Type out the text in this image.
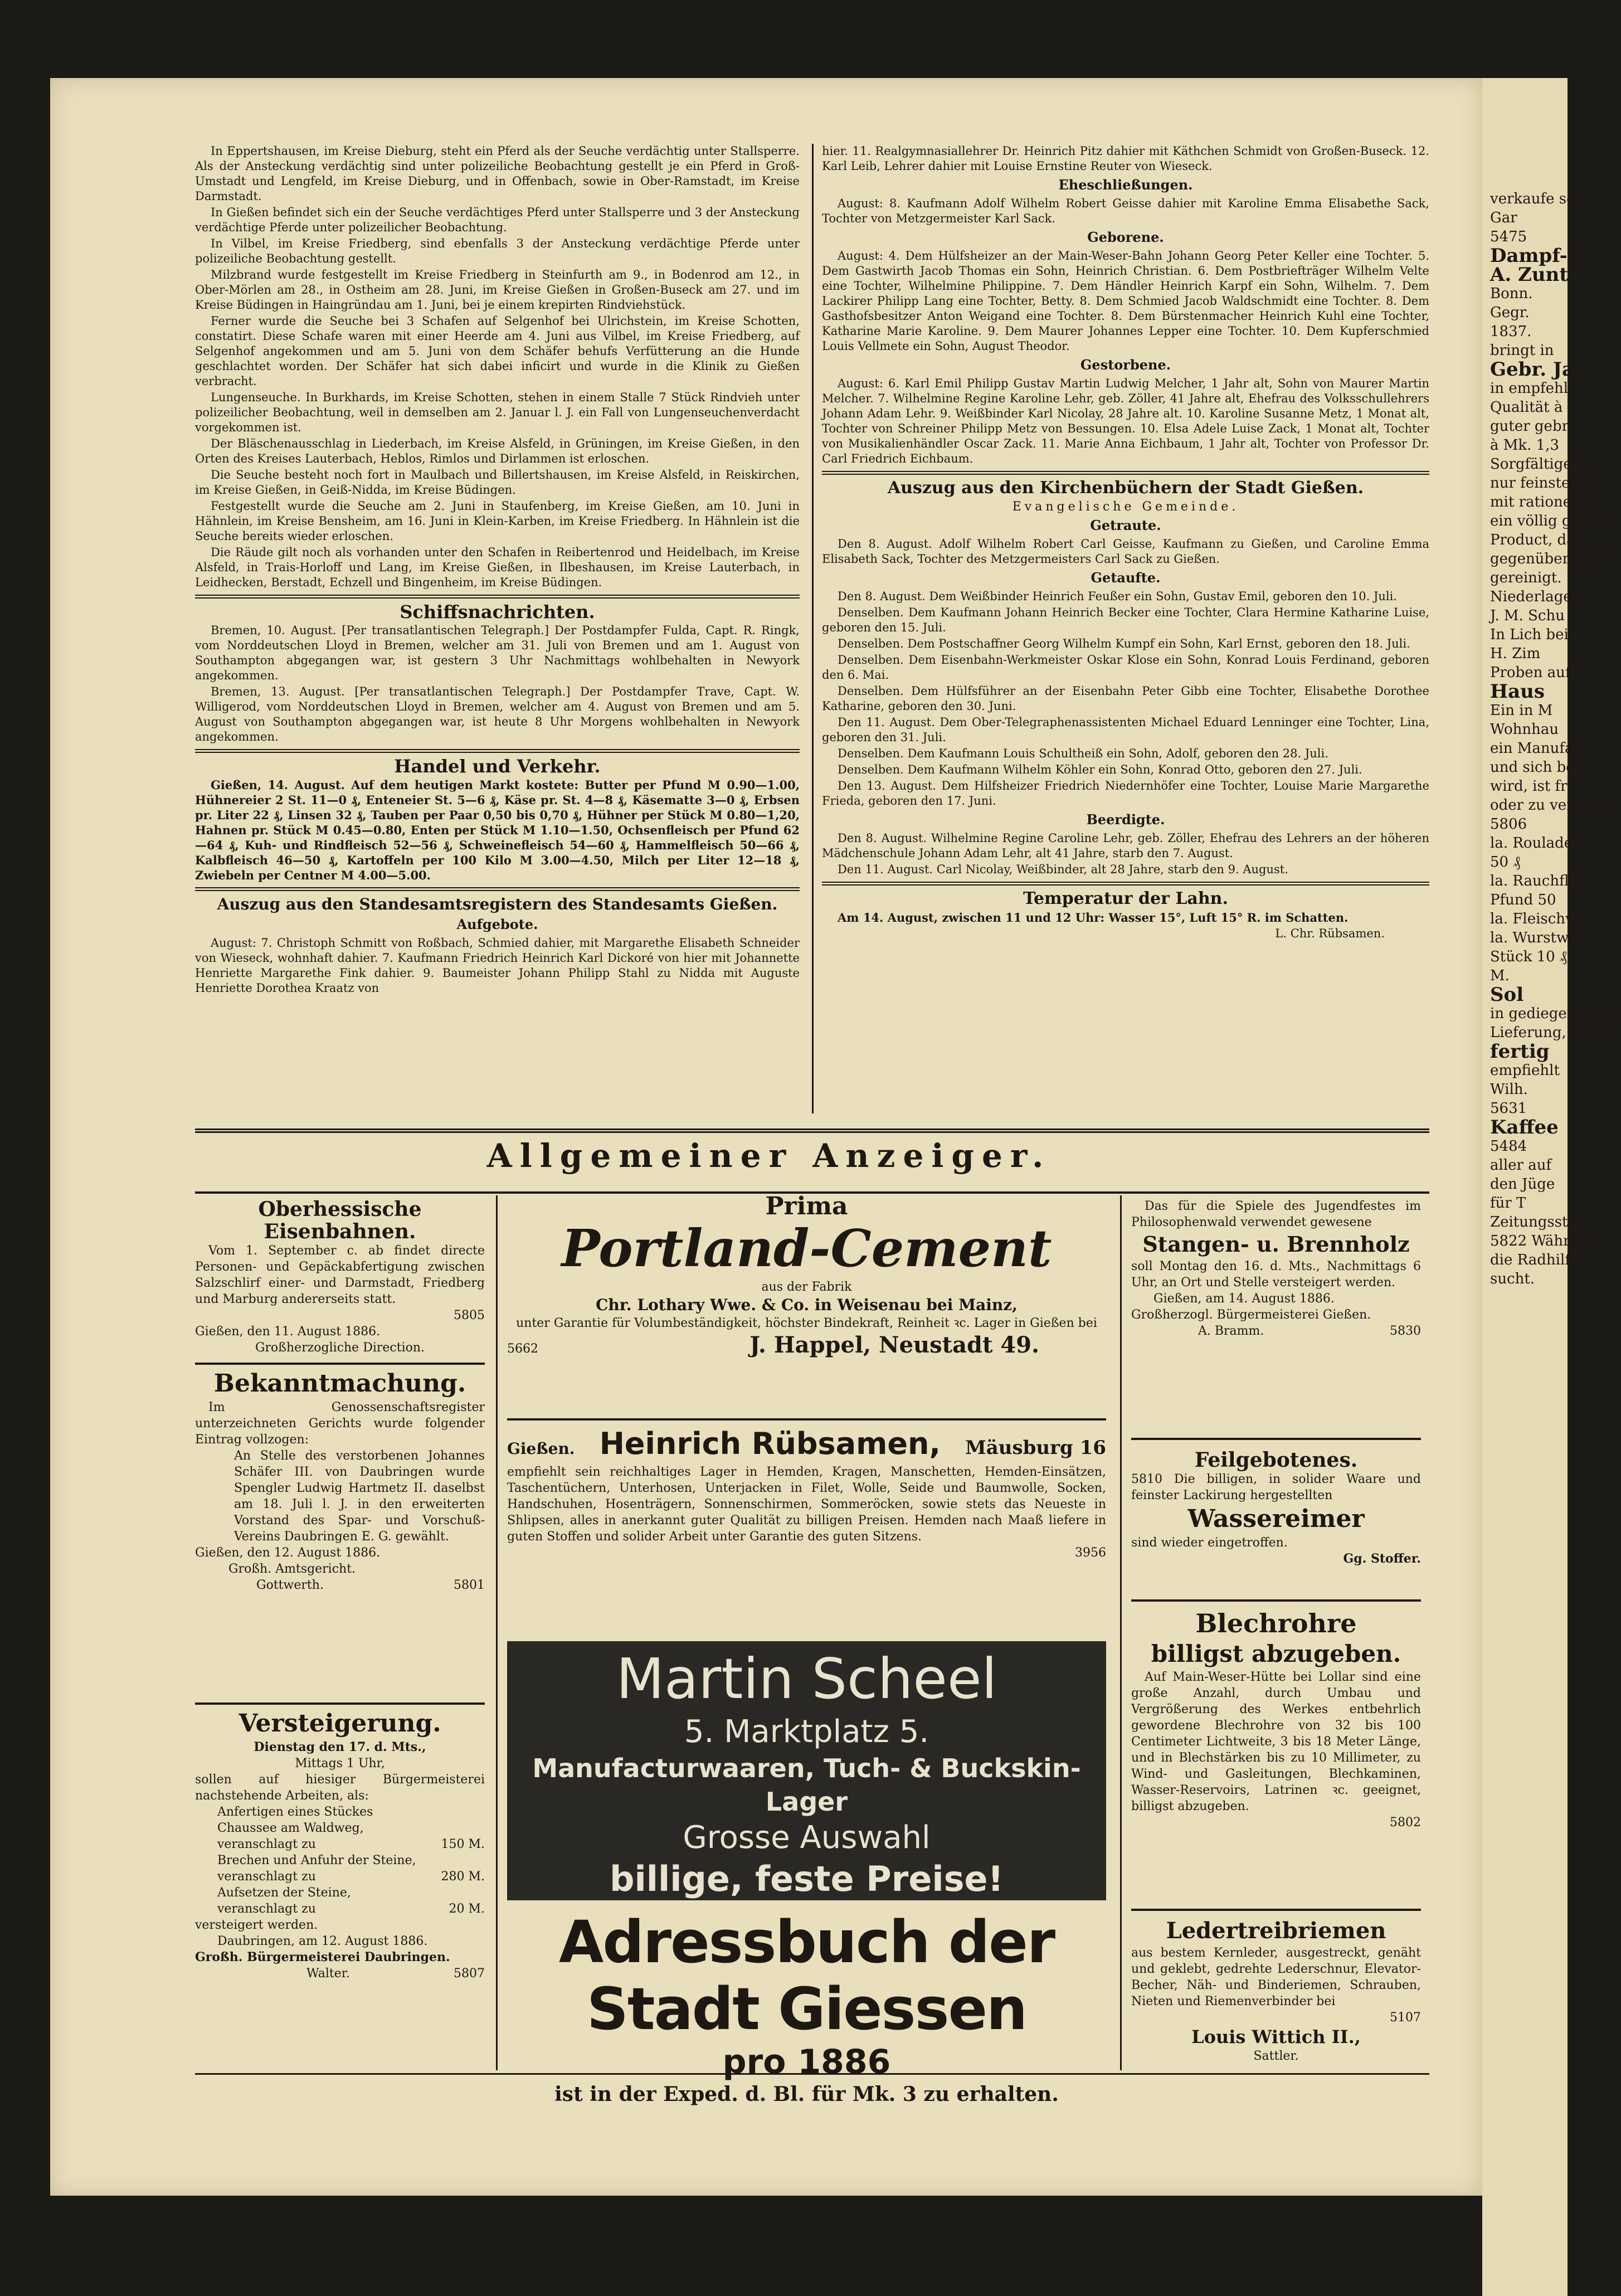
In Eppertshausen, im Kreise Dieburg, steht ein Pferd als der Seuche verdächtig unter Stallsperre. Als der Ansteckung verdächtig sind unter polizeiliche Beobachtung gestellt je ein Pferd in Groß-Umstadt und Lengfeld, im Kreise Dieburg, und in Offenbach, sowie in Ober-Ramstadt, im Kreise Darmstadt.

In Gießen befindet sich ein der Seuche verdächtiges Pferd unter Stallsperre und 3 der Ansteckung verdächtige Pferde unter polizeilicher Beobachtung.

In Vilbel, im Kreise Friedberg, sind ebenfalls 3 der Ansteckung verdächtige Pferde unter polizeiliche Beobachtung gestellt.

Milzbrand wurde festgestellt im Kreise Friedberg in Steinfurth am 9., in Bodenrod am 12., in Ober-Mörlen am 28., in Ostheim am 28. Juni, im Kreise Gießen in Großen-Buseck am 27. und im Kreise Büdingen in Haingründau am 1. Juni, bei je einem krepirten Rindviehstück.

Ferner wurde die Seuche bei 3 Schafen auf Selgenhof bei Ulrichstein, im Kreise Schotten, constatirt. Diese Schafe waren mit einer Heerde am 4. Juni aus Vilbel, im Kreise Friedberg, auf Selgenhof angekommen und am 5. Juni von dem Schäfer behufs Verfütterung an die Hunde geschlachtet worden. Der Schäfer hat sich dabei inficirt und wurde in die Klinik zu Gießen verbracht.

Lungenseuche. In Burkhards, im Kreise Schotten, stehen in einem Stalle 7 Stück Rindvieh unter polizeilicher Beobachtung, weil in demselben am 2. Januar l. J. ein Fall von Lungenseuchenverdacht vorgekommen ist.

Der Bläschenausschlag in Liederbach, im Kreise Alsfeld, in Grüningen, im Kreise Gießen, in den Orten des Kreises Lauterbach, Heblos, Rimlos und Dirlammen ist erloschen.

Die Seuche besteht noch fort in Maulbach und Billertshausen, im Kreise Alsfeld, in Reiskirchen, im Kreise Gießen, in Geiß-Nidda, im Kreise Büdingen.

Festgestellt wurde die Seuche am 2. Juni in Staufenberg, im Kreise Gießen, am 10. Juni in Hähnlein, im Kreise Bensheim, am 16. Juni in Klein-Karben, im Kreise Friedberg. In Hähnlein ist die Seuche bereits wieder erloschen.

Die Räude gilt noch als vorhanden unter den Schafen in Reibertenrod und Heidelbach, im Kreise Alsfeld, in Trais-Horloff und Lang, im Kreise Gießen, in Ilbeshausen, im Kreise Lauterbach, in Leidhecken, Berstadt, Echzell und Bingenheim, im Kreise Büdingen.

Schiffsnachrichten.

Bremen, 10. August. [Per transatlantischen Telegraph.] Der Postdampfer Fulda, Capt. R. Ringk, vom Norddeutschen Lloyd in Bremen, welcher am 31. Juli von Bremen und am 1. August von Southampton abgegangen war, ist gestern 3 Uhr Nachmittags wohlbehalten in Newyork angekommen.

Bremen, 13. August. [Per transatlantischen Telegraph.] Der Postdampfer Trave, Capt. W. Willigerod, vom Norddeutschen Lloyd in Bremen, welcher am 4. August von Bremen und am 5. August von Southampton abgegangen war, ist heute 8 Uhr Morgens wohlbehalten in Newyork angekommen.

Handel und Verkehr.

Gießen, 14. August. Auf dem heutigen Markt kostete: Butter per Pfund M 0.90—1.00, Hühnereier 2 St. 11—0 ₰, Enteneier St. 5—6 ₰, Käse pr. St. 4—8 ₰, Käsematte 3—0 ₰, Erbsen pr. Liter 22 ₰, Linsen 32 ₰, Tauben per Paar 0,50 bis 0,70 ₰, Hühner per Stück M 0.80—1,20, Hahnen pr. Stück M 0.45—0.80, Enten per Stück M 1.10—1.50, Ochsenfleisch per Pfund 62—64 ₰, Kuh- und Rindfleisch 52—56 ₰, Schweinefleisch 54—60 ₰, Hammelfleisch 50—66 ₰, Kalbfleisch 46—50 ₰, Kartoffeln per 100 Kilo M 3.00—4.50, Milch per Liter 12—18 ₰, Zwiebeln per Centner M 4.00—5.00.

Auszug aus den Standesamtsregistern des Standesamts Gießen.
Aufgebote.

August: 7. Christoph Schmitt von Roßbach, Schmied dahier, mit Margarethe Elisabeth Schneider von Wieseck, wohnhaft dahier. 7. Kaufmann Friedrich Heinrich Karl Dickoré von hier mit Johannette Henriette Margarethe Fink dahier. 9. Baumeister Johann Philipp Stahl zu Nidda mit Auguste Henriette Dorothea Kraatz von

hier. 11. Realgymnasiallehrer Dr. Heinrich Pitz dahier mit Käthchen Schmidt von Großen-Buseck. 12. Karl Leib, Lehrer dahier mit Louise Ernstine Reuter von Wieseck.

Eheschließungen.

August: 8. Kaufmann Adolf Wilhelm Robert Geisse dahier mit Karoline Emma Elisabethe Sack, Tochter von Metzgermeister Karl Sack.

Geborene.

August: 4. Dem Hülfsheizer an der Main-Weser-Bahn Johann Georg Peter Keller eine Tochter. 5. Dem Gastwirth Jacob Thomas ein Sohn, Heinrich Christian. 6. Dem Postbriefträger Wilhelm Velte eine Tochter, Wilhelmine Philippine. 7. Dem Händler Heinrich Karpf ein Sohn, Wilhelm. 7. Dem Lackirer Philipp Lang eine Tochter, Betty. 8. Dem Schmied Jacob Waldschmidt eine Tochter. 8. Dem Gasthofsbesitzer Anton Weigand eine Tochter. 8. Dem Bürstenmacher Heinrich Kuhl eine Tochter, Katharine Marie Karoline. 9. Dem Maurer Johannes Lepper eine Tochter. 10. Dem Kupferschmied Louis Vellmete ein Sohn, August Theodor.

Gestorbene.

August: 6. Karl Emil Philipp Gustav Martin Ludwig Melcher, 1 Jahr alt, Sohn von Maurer Martin Melcher. 7. Wilhelmine Regine Karoline Lehr, geb. Zöller, 41 Jahre alt, Ehefrau des Volksschullehrers Johann Adam Lehr. 9. Weißbinder Karl Nicolay, 28 Jahre alt. 10. Karoline Susanne Metz, 1 Monat alt, Tochter von Schreiner Philipp Metz von Bessungen. 10. Elsa Adele Luise Zack, 1 Monat alt, Tochter von Musikalienhändler Oscar Zack. 11. Marie Anna Eichbaum, 1 Jahr alt, Tochter von Professor Dr. Carl Friedrich Eichbaum.

Auszug aus den Kirchenbüchern der Stadt Gießen.
Evangelische Gemeinde.
Getraute.

Den 8. August. Adolf Wilhelm Robert Carl Geisse, Kaufmann zu Gießen, und Caroline Emma Elisabeth Sack, Tochter des Metzgermeisters Carl Sack zu Gießen.

Getaufte.

Den 8. August. Dem Weißbinder Heinrich Feußer ein Sohn, Gustav Emil, geboren den 10. Juli.

Denselben. Dem Kaufmann Johann Heinrich Becker eine Tochter, Clara Hermine Katharine Luise, geboren den 15. Juli.

Denselben. Dem Postschaffner Georg Wilhelm Kumpf ein Sohn, Karl Ernst, geboren den 18. Juli.

Denselben. Dem Eisenbahn-Werkmeister Oskar Klose ein Sohn, Konrad Louis Ferdinand, geboren den 6. Mai.

Denselben. Dem Hülfsführer an der Eisenbahn Peter Gibb eine Tochter, Elisabethe Dorothee Katharine, geboren den 30. Juni.

Den 11. August. Dem Ober-Telegraphenassistenten Michael Eduard Lenninger eine Tochter, Lina, geboren den 31. Juli.

Denselben. Dem Kaufmann Louis Schultheiß ein Sohn, Adolf, geboren den 28. Juli.

Denselben. Dem Kaufmann Wilhelm Köhler ein Sohn, Konrad Otto, geboren den 27. Juli.

Den 13. August. Dem Hilfsheizer Friedrich Niedernhöfer eine Tochter, Louise Marie Margarethe Frieda, geboren den 17. Juni.

Beerdigte.

Den 8. August. Wilhelmine Regine Caroline Lehr, geb. Zöller, Ehefrau des Lehrers an der höheren Mädchenschule Johann Adam Lehr, alt 41 Jahre, starb den 7. August.

Den 11. August. Carl Nicolay, Weißbinder, alt 28 Jahre, starb den 9. August.

Temperatur der Lahn.

Am 14. August, zwischen 11 und 12 Uhr: Wasser 15°, Luft 15° R. im Schatten.

L. Chr. Rübsamen.

Allgemeiner Anzeiger.
Oberhessische Eisenbahnen.

Vom 1. September c. ab findet directe Personen- und Gepäckabfertigung zwischen Salzschlirf einer- und Darmstadt, Friedberg und Marburg andererseits statt.

5805

Gießen, den 11. August 1886.

Großherzogliche Direction.

Bekanntmachung.

Im Genossenschaftsregister unterzeichneten Gerichts wurde folgender Eintrag vollzogen:

An Stelle des verstorbenen Johannes Schäfer III. von Daubringen wurde Spengler Ludwig Hartmetz II. daselbst am 18. Juli l. J. in den erweiterten Vorstand des Spar- und Vorschuß-Vereins Daubringen E. G. gewählt.

Gießen, den 12. August 1886.

Großh. Amtsgericht.

Gottwerth.	5801
Versteigerung.

Dienstag den 17. d. Mts.,

Mittags 1 Uhr,

sollen auf hiesiger Bürgermeisterei nachstehende Arbeiten, als:

Anfertigen eines Stückes Chaussee am Waldweg, veranschlagt zu	150 M.
Brechen und Anfuhr der Steine, veranschlagt zu	280 M.
Aufsetzen der Steine, veranschlagt zu	20 M.

versteigert werden.

Daubringen, am 12. August 1886.

Großh. Bürgermeisterei Daubringen.

Walter.	5807
Prima
Portland-Cement

aus der Fabrik

Chr. Lothary Wwe. & Co. in Weisenau bei Mainz,

unter Garantie für Volumbeständigkeit, höchster Bindekraft, Reinheit ꝛc. Lager in Gießen bei

5662	J. Happel, Neustadt 49.
Gießen. Heinrich Rübsamen, Mäusburg 16

empfiehlt sein reichhaltiges Lager in Hemden, Kragen, Manschetten, Hemden-Einsätzen, Taschentüchern, Unterhosen, Unterjacken in Filet, Wolle, Seide und Baumwolle, Socken, Handschuhen, Hosenträgern, Sonnenschirmen, Sommeröcken, sowie stets das Neueste in Shlipsen, alles in anerkannt guter Qualität zu billigen Preisen. Hemden nach Maaß liefere in guten Stoffen und solider Arbeit unter Garantie des guten Sitzens.

3956

Martin Scheel
5. Marktplatz 5.
Manufacturwaaren, Tuch- & Buckskin-Lager
Grosse Auswahl
billige, feste Preise!
Adressbuch der Stadt Giessen
pro 1886
ist in der Exped. d. Bl. für Mk. 3 zu erhalten.

Das für die Spiele des Jugendfestes im Philosophenwald verwendet gewesene

Stangen- u. Brennholz

soll Montag den 16. d. Mts., Nachmittags 6 Uhr, an Ort und Stelle versteigert werden.

Gießen, am 14. August 1886.

Großherzogl. Bürgermeisterei Gießen.

A. Bramm.	5830
Feilgebotenes.

5810 Die billigen, in solider Waare und feinster Lackirung hergestellten

Wassereimer

sind wieder eingetroffen.

Gg. Stoffer.

Blechrohre
billigst abzugeben.

Auf Main-Weser-Hütte bei Lollar sind eine große Anzahl, durch Umbau und Vergrößerung des Werkes entbehrlich gewordene Blechrohre von 32 bis 100 Centimeter Lichtweite, 3 bis 18 Meter Länge, und in Blechstärken bis zu 10 Millimeter, zu Wind- und Gasleitungen, Blechkaminen, Wasser-Reservoirs, Latrinen ꝛc. geeignet, billigst abzugeben.

5802

Ledertreibriemen

aus bestem Kernleder, ausgestreckt, genäht und geklebt, gedrehte Lederschnur, Elevator-Becher, Näh- und Binderiemen, Schrauben, Nieten und Riemenverbinder bei

5107

Louis Wittich II.,

Sattler.

verkaufe sch
Gar
5475
Dampf-K
A. Zunt
Bonn.
Gegr.
1837.
bringt in
Gebr. Ja
in empfehl
Qualität à
guter gebr
à Mk. 1,3
Sorgfältige A
nur feinster B
mit rationeller
ein völlig gleich
Product, das
gegenüber eine
gereinigt.
Niederlage i
J. M. Schu
In Lich bei
H. Zim
Proben auf
Haus
Ein in M
Wohnhau
ein Manufact
und sich bes
wird, ist fr
oder zu verkauf
5806
la. Roulade
50 ₰
la. Rauchfle
Pfund 50
la. Fleischw
la. Wurstwa
Stück 10 ₰
M.
Sol
in gediegenem Fa
Lieferung, sowie
fertig
empfiehlt
Wilh.
5631
Kaffee
5484
aller auf
den Jüge
für T
Zeitungsstr
5822 Während
die Radhilfs
sucht.
